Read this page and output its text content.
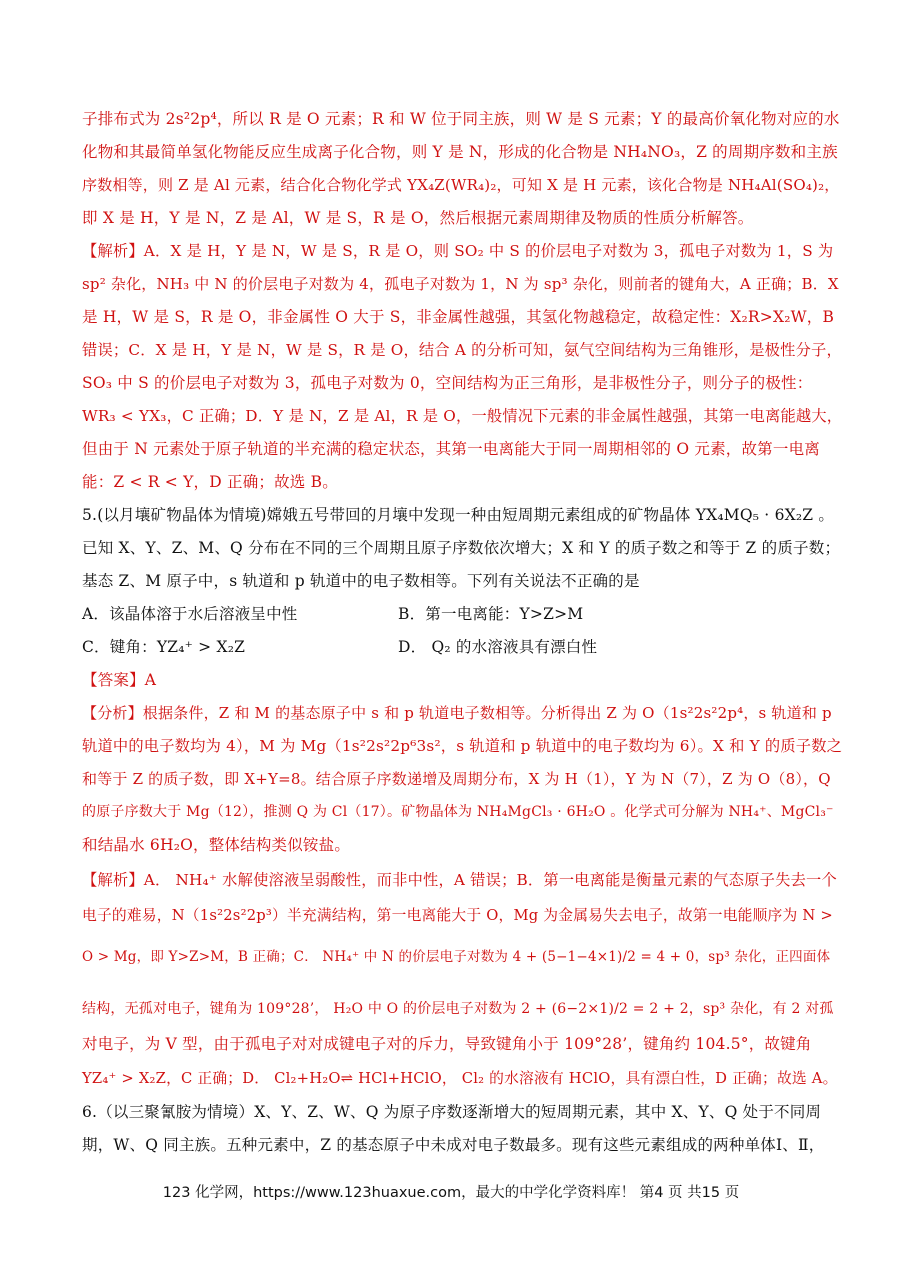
子排布式为 2s²2p⁴，所以 R 是 O 元素；R 和 W 位于同主族，则 W 是 S 元素；Y 的最高价氧化物对应的水
化物和其最简单氢化物能反应生成离子化合物，则 Y 是 N，形成的化合物是 NH₄NO₃，Z 的周期序数和主族
序数相等，则 Z 是 Al 元素，结合化合物化学式 YX₄Z(WR₄)₂，可知 X 是 H 元素，该化合物是 NH₄Al(SO₄)₂，
即 X 是 H，Y 是 N，Z 是 Al，W 是 S，R 是 O，然后根据元素周期律及物质的性质分析解答。
【解析】A．X 是 H，Y 是 N，W 是 S，R 是 O，则 SO₂ 中 S 的价层电子对数为 3，孤电子对数为 1，S 为
sp² 杂化，NH₃ 中 N 的价层电子对数为 4，孤电子对数为 1，N 为 sp³ 杂化，则前者的键角大，A 正确；B．X
是 H，W 是 S，R 是 O，非金属性 O 大于 S，非金属性越强，其氢化物越稳定，故稳定性：X₂R>X₂W，B
错误；C．X 是 H，Y 是 N，W 是 S，R 是 O，结合 A 的分析可知，氨气空间结构为三角锥形，是极性分子，
SO₃ 中 S 的价层电子对数为 3，孤电子对数为 0，空间结构为正三角形，是非极性分子，则分子的极性：
WR₃ < YX₃，C 正确；D．Y 是 N，Z 是 Al，R 是 O，一般情况下元素的非金属性越强，其第一电离能越大，
但由于 N 元素处于原子轨道的半充满的稳定状态，其第一电离能大于同一周期相邻的 O 元素，故第一电离
能：Z < R < Y，D 正确；故选 B。
5.(以月壤矿物晶体为情境)嫦娥五号带回的月壤中发现一种由短周期元素组成的矿物晶体 YX₄MQ₅ · 6X₂Z 。
已知 X、Y、Z、M、Q 分布在不同的三个周期且原子序数依次增大；X 和 Y 的质子数之和等于 Z 的质子数；
基态 Z、M 原子中，s 轨道和 p 轨道中的电子数相等。下列有关说法不正确的是
A．该晶体溶于水后溶液呈中性
C．键角：YZ₄⁺ > X₂Z
【答案】A
【分析】根据条件，Z 和 M 的基态原子中 s 和 p 轨道电子数相等。分析得出 Z 为 O（1s²2s²2p⁴，s 轨道和 p
轨道中的电子数均为 4），M 为 Mg（1s²2s²2p⁶3s²，s 轨道和 p 轨道中的电子数均为 6）。X 和 Y 的质子数之
和等于 Z 的质子数，即 X+Y=8。结合原子序数递增及周期分布，X 为 H（1），Y 为 N（7），Z 为 O（8），Q
的原子序数大于 Mg（12），推测 Q 为 Cl（17）。矿物晶体为 NH₄MgCl₃ · 6H₂O 。化学式可分解为 NH₄⁺、MgCl₃⁻
和结晶水 6H₂O，整体结构类似铵盐。
【解析】A． NH₄⁺ 水解使溶液呈弱酸性，而非中性，A 错误；B．第一电离能是衡量元素的气态原子失去一个
电子的难易，N（1s²2s²2p³）半充满结构，第一电离能大于 O，Mg 为金属易失去电子，故第一电能顺序为 N >
O > Mg，即 Y>Z>M，B 正确；C． NH₄⁺ 中 N 的价层电子对数为 4 + (5−1−4×1)/2 = 4 + 0，sp³ 杂化，正四面体
结构，无孤对电子，键角为 109°28’， H₂O 中 O 的价层电子对数为 2 + (6−2×1)/2 = 2 + 2，sp³ 杂化，有 2 对孤
对电子，为 V 型，由于孤电子对对成键电子对的斥力，导致键角小于 109°28’，键角约 104.5°，故键角
YZ₄⁺ > X₂Z，C 正确；D． Cl₂+H₂O⇌ HCl+HClO， Cl₂ 的水溶液有 HClO，具有漂白性，D 正确；故选 A。
6.（以三聚氰胺为情境）X、Y、Z、W、Q 为原子序数逐渐增大的短周期元素，其中 X、Y、Q 处于不同周
期，W、Q 同主族。五种元素中，Z 的基态原子中未成对电子数最多。现有这些元素组成的两种单体Ⅰ、Ⅱ，
B．第一电离能：Y>Z>M
D． Q₂ 的水溶液具有漂白性
123 化学网，https://www.123huaxue.com，最大的中学化学资料库！ 第4 页 共15 页
